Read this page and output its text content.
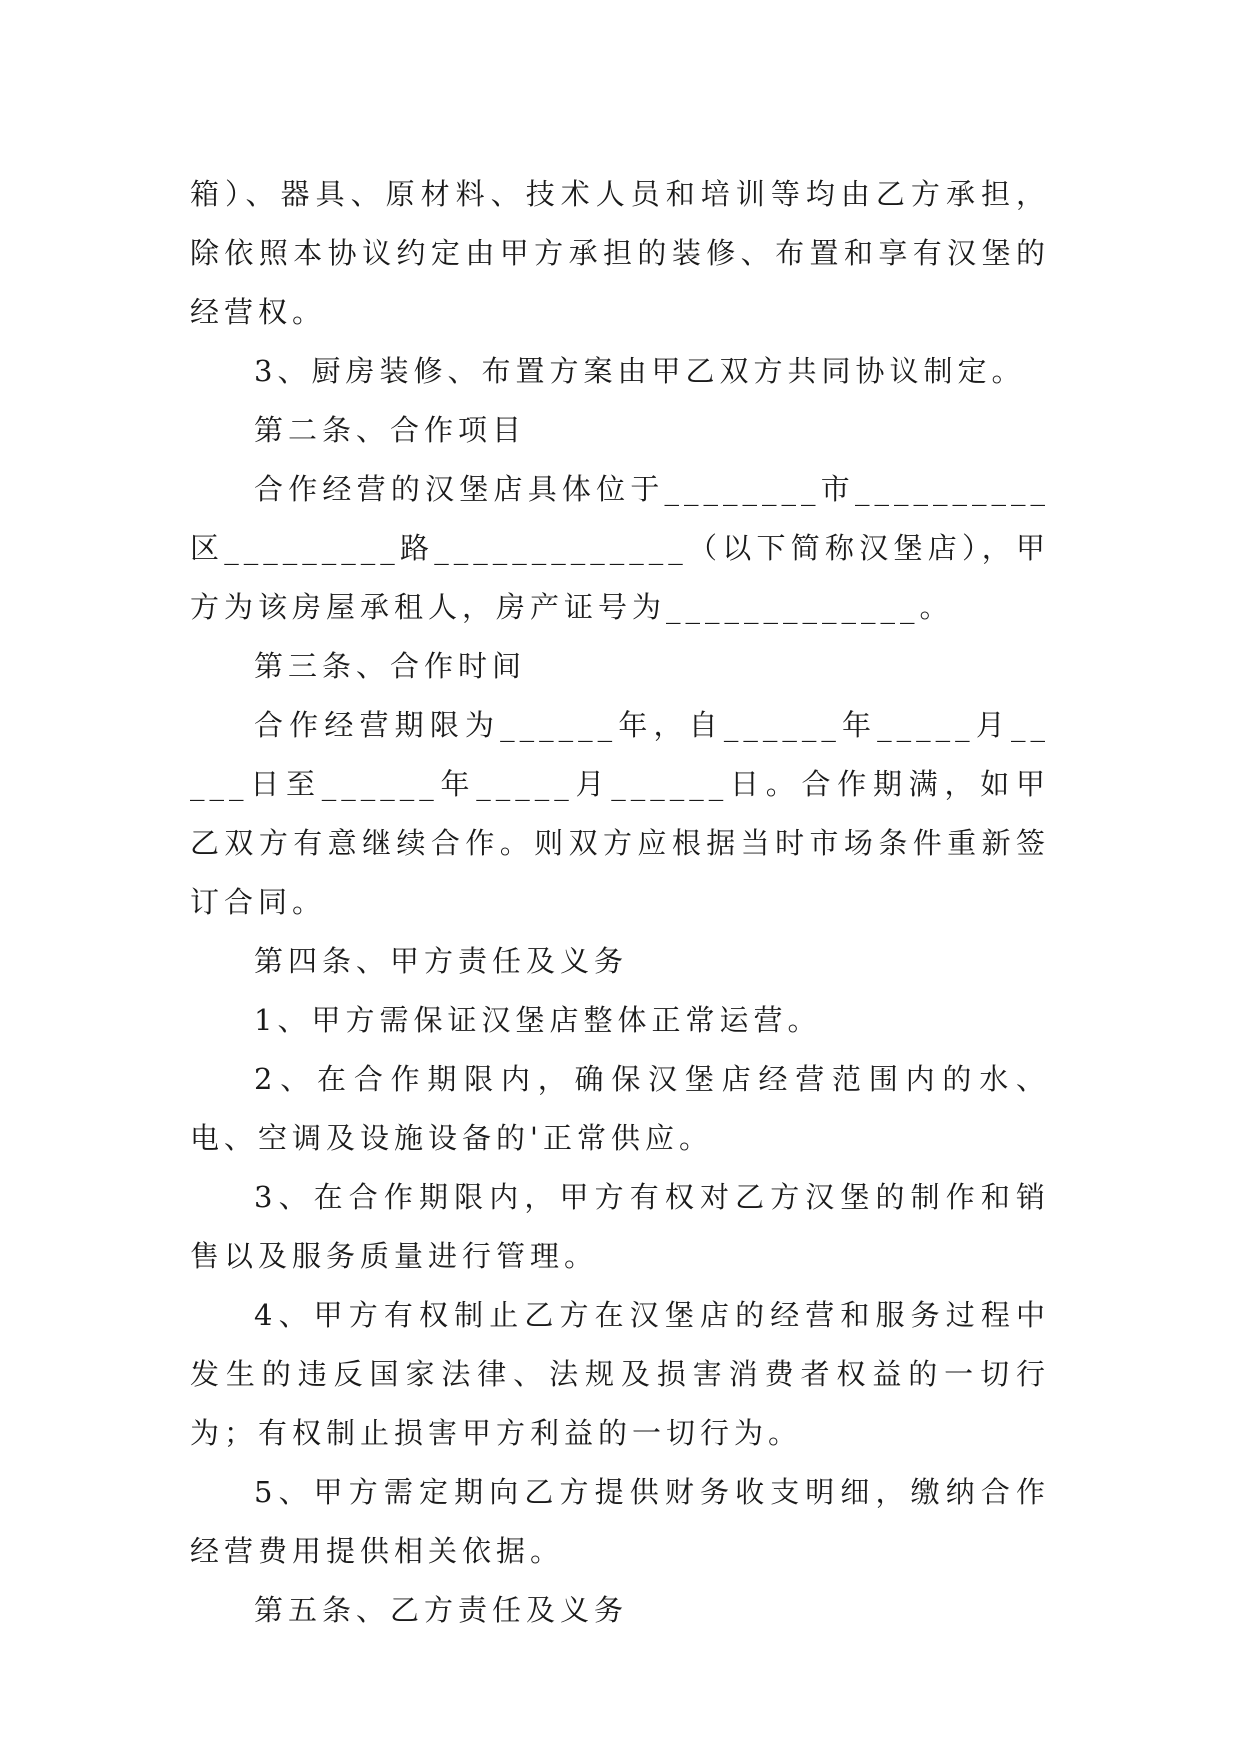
箱）、器具、原材料、技术人员和培训等均由乙方承担，除依照本协议约定由甲方承担的装修、布置和享有汉堡的经营权。

3、厨房装修、布置方案由甲乙双方共同协议制定。

第二条、合作项目

合作经营的汉堡店具体位于________市__________区_________路_____________（以下简称汉堡店），甲方为该房屋承租人，房产证号为_____________。

第三条、合作时间

合作经营期限为______年，自______年_____月_____日至______年_____月______日。合作期满，如甲乙双方有意继续合作。则双方应根据当时市场条件重新签订合同。

第四条、甲方责任及义务

1、甲方需保证汉堡店整体正常运营。

2、在合作期限内，确保汉堡店经营范围内的水、电、空调及设施设备的'正常供应。

3、在合作期限内，甲方有权对乙方汉堡的制作和销售以及服务质量进行管理。

4、甲方有权制止乙方在汉堡店的经营和服务过程中发生的违反国家法律、法规及损害消费者权益的一切行为；有权制止损害甲方利益的一切行为。

5、甲方需定期向乙方提供财务收支明细，缴纳合作经营费用提供相关依据。

第五条、乙方责任及义务
